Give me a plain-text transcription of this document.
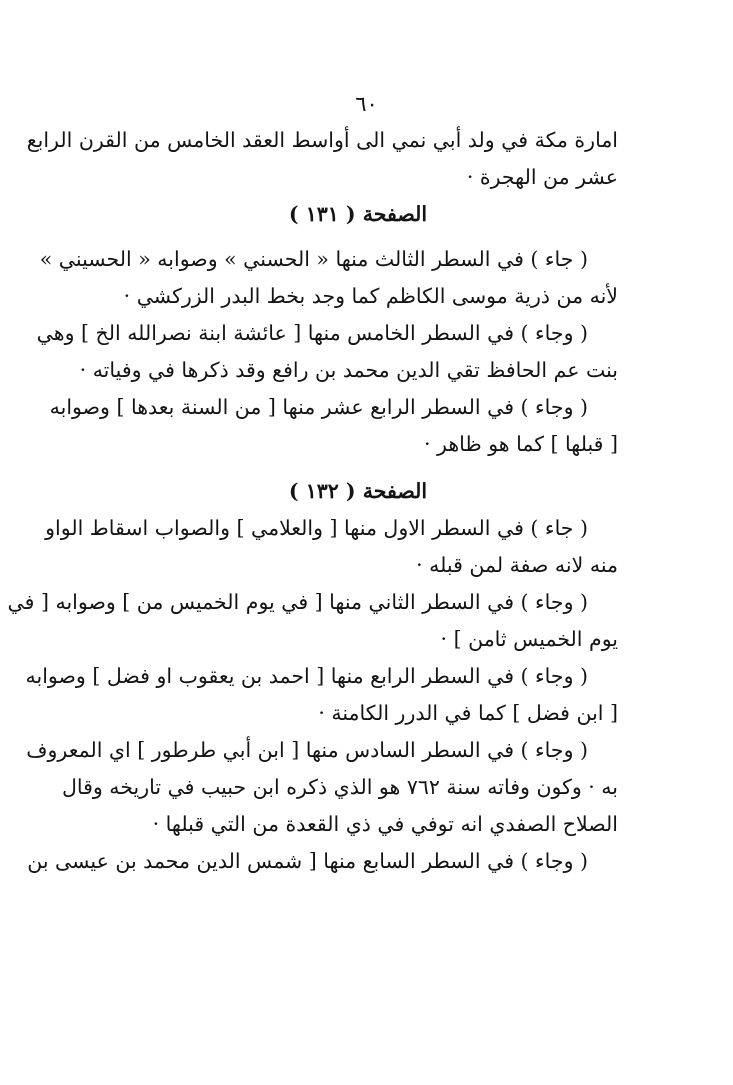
٦٠
امارة مكة في ولد أبي نمي الى أواسط العقد الخامس من القرن الرابع
عشر من الهجرة ·
الصفحة ( ١٣١ )
( جاء ) في السطر الثالث منها « الحسني » وصوابه « الحسيني »
لأنه من ذرية موسى الكاظم كما وجد بخط البدر الزركشي ·
( وجاء ) في السطر الخامس منها [ عائشة ابنة نصرالله الخ ] وهي
بنت عم الحافظ تقي الدين محمد بن رافع وقد ذكرها في وفياته ·
( وجاء ) في السطر الرابع عشر منها [ من السنة بعدها ] وصوابه
[ قبلها ] كما هو ظاهر ·
الصفحة ( ١٣٢ )
( جاء ) في السطر الاول منها [ والعلامي ] والصواب اسقاط الواو
منه لانه صفة لمن قبله ·
( وجاء ) في السطر الثاني منها [ في يوم الخميس من ] وصوابه [ في
يوم الخميس ثامن ] ·
( وجاء ) في السطر الرابع منها [ احمد بن يعقوب او فضل ] وصوابه
[ ابن فضل ] كما في الدرر الكامنة ·
( وجاء ) في السطر السادس منها [ ابن أبي طرطور ] اي المعروف
به · وكون وفاته سنة ٧٦٢ هو الذي ذكره ابن حبيب في تاريخه وقال
الصلاح الصفدي انه توفي في ذي القعدة من التي قبلها ·
( وجاء ) في السطر السابع منها [ شمس الدين محمد بن عيسى بن
